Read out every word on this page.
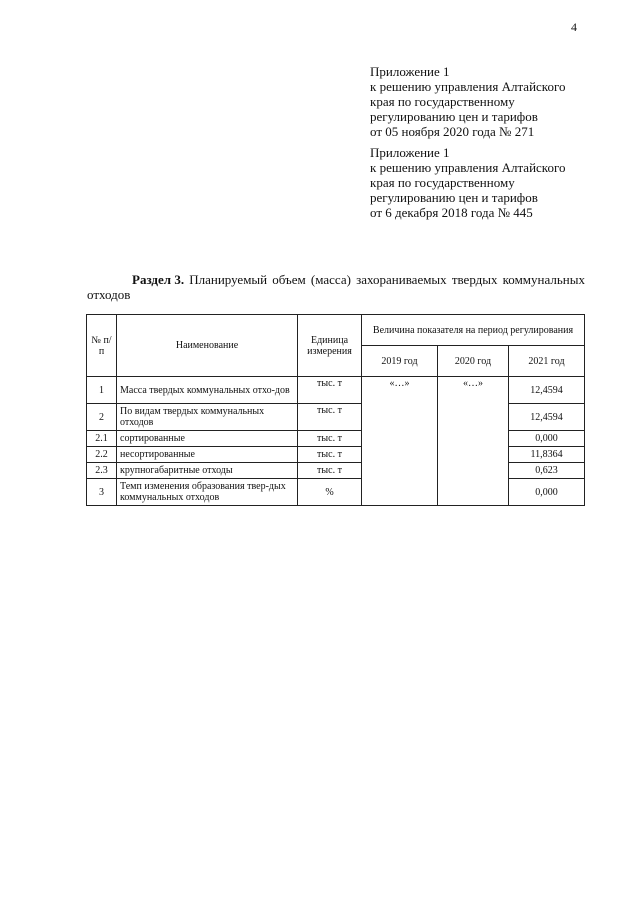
4
Приложение 1
к решению управления Алтайского
края по государственному
регулированию цен и тарифов
от 05 ноября 2020 года № 271
Приложение 1
к решению управления Алтайского
края по государственному
регулированию цен и тарифов
от 6 декабря 2018 года № 445
Раздел 3. Планируемый объем (масса) захораниваемых твердых коммунальных
отходов
№ п/п	Наименование	Единица измерения	Величина показателя на период регулирования		
			2019 год	2020 год	2021 год
1	Масса твердых коммунальных отхо-дов	тыс. т	«…»	«…»	12,4594
2	По видам твердых коммунальных отходов	тыс. т			12,4594
2.1	сортированные	тыс. т			0,000
2.2	несортированные	тыс. т			11,8364
2.3	крупногабаритные отходы	тыс. т			0,623
3	Темп изменения образования твер-дых коммунальных отходов	%			0,000
